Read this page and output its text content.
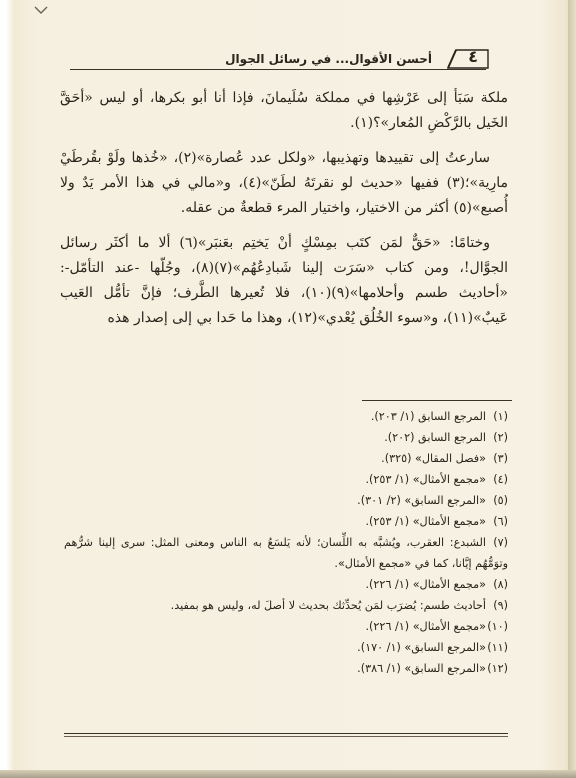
٤
أحسن الأقوال... في رسائل الجوال

ملكة سَبَأ إلى عَرْشِها في مملكة سُلَيمانَ، فإذا أنا أبو بكرها، أو ليس «أحَقَّ الخَيل بالرَّكْضِ المُعار»؟(١).

سارعتُ إلى تقييدها وتهذيبها، «ولكل عدد عُصارة»(٢)، «خُذها ولَوْ بقُرطَيْ مارِية»؛(٣) ففيها «حديث لو نقرتَهُ لطَنّ»(٤)، و«مالي في هذا الأمر يَدٌ ولا أُصبع»(٥) أكثر من الاختيار، واختيار المرء قطعةٌ من عقله.

وختامًا: «حَقٌّ لمَن كتَب بمِسْكٍ أنْ يَختِم بعَنبَر»(٦) ألا ما أكثَر رسائل الجوَّال!، ومن كتاب «سَرَت إلينا شَبادِعُهُم»(٧)(٨)، وجُلّها -عند التأمّل-: «أحاديث طسم وأحلامها»(٩)(١٠)، فلا تُعيرها الطَّرف؛ فإنَّ تأمُّل العَيب عَيبٌ»(١١)، و«سوء الخُلُق يُعْدي»(١٢)، وهذا ما حَدا بي إلى إصدار هذه

(١)المرجع السابق (١/ ٢٠٣).
(٢)المرجع السابق (٢٠٢).
(٣)«فصل المقال» (٣٢٥).
(٤)«مجمع الأمثال» (١/ ٢٥٣).
(٥)«المرجع السابق» (٢/ ٣٠١).
(٦)«مجمع الأمثال» (١/ ٢٥٣).
(٧)الشبدع: العقرب، ويُشبَّه به اللِّسان؛ لأنه يَلسَعُ به الناس ومعنى المثل: سرى إلينا شرُّهم وتوَمُّهُم إيَّانا، كما في «مجمع الأمثال».
(٨)«مجمع الأمثال» (١/ ٢٢٦).
(٩)أحاديث طسم: يُضرَب لمَن يُحدِّثك بحديث لا أصلَ له، وليس هو بمفيد.
(١٠)«مجمع الأمثال» (١/ ٢٢٦).
(١١)«المرجع السابق» (١/ ١٧٠).
(١٢)«المرجع السابق» (١/ ٣٨٦).
